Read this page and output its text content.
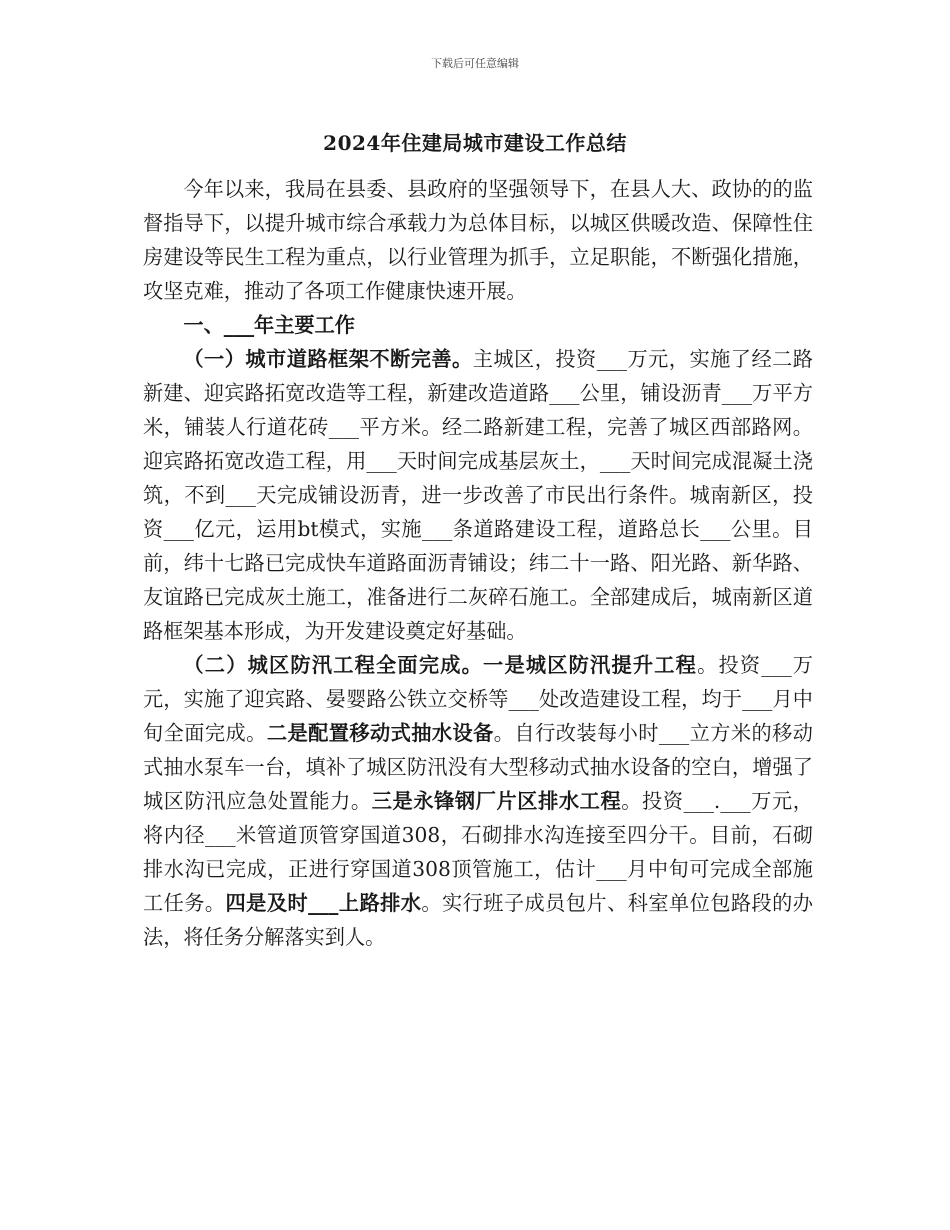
下载后可任意编辑
2024年住建局城市建设工作总结

今年以来，我局在县委、县政府的坚强领导下，在县人大、政协的的监督指导下，以提升城市综合承载力为总体目标，以城区供暖改造、保障性住房建设等民生工程为重点，以行业管理为抓手，立足职能，不断强化措施，攻坚克难，推动了各项工作健康快速开展。

一、___年主要工作

（一）城市道路框架不断完善。主城区，投资___万元，实施了经二路新建、迎宾路拓宽改造等工程，新建改造道路___公里，铺设沥青___万平方米，铺装人行道花砖___平方米。经二路新建工程，完善了城区西部路网。迎宾路拓宽改造工程，用___天时间完成基层灰土，___天时间完成混凝土浇筑，不到___天完成铺设沥青，进一步改善了市民出行条件。城南新区，投资___亿元，运用bt模式，实施___条道路建设工程，道路总长___公里。目前，纬十七路已完成快车道路面沥青铺设；纬二十一路、阳光路、新华路、友谊路已完成灰土施工，准备进行二灰碎石施工。全部建成后，城南新区道路框架基本形成，为开发建设奠定好基础。

（二）城区防汛工程全面完成。一是城区防汛提升工程。投资___万元，实施了迎宾路、晏婴路公铁立交桥等___处改造建设工程，均于___月中旬全面完成。二是配置移动式抽水设备。自行改装每小时___立方米的移动式抽水泵车一台，填补了城区防汛没有大型移动式抽水设备的空白，增强了城区防汛应急处置能力。三是永锋钢厂片区排水工程。投资___.___万元，将内径___米管道顶管穿国道308，石砌排水沟连接至四分干。目前，石砌排水沟已完成，正进行穿国道308顶管施工，估计___月中旬可完成全部施工任务。四是及时___上路排水。实行班子成员包片、科室单位包路段的办法，将任务分解落实到人。
